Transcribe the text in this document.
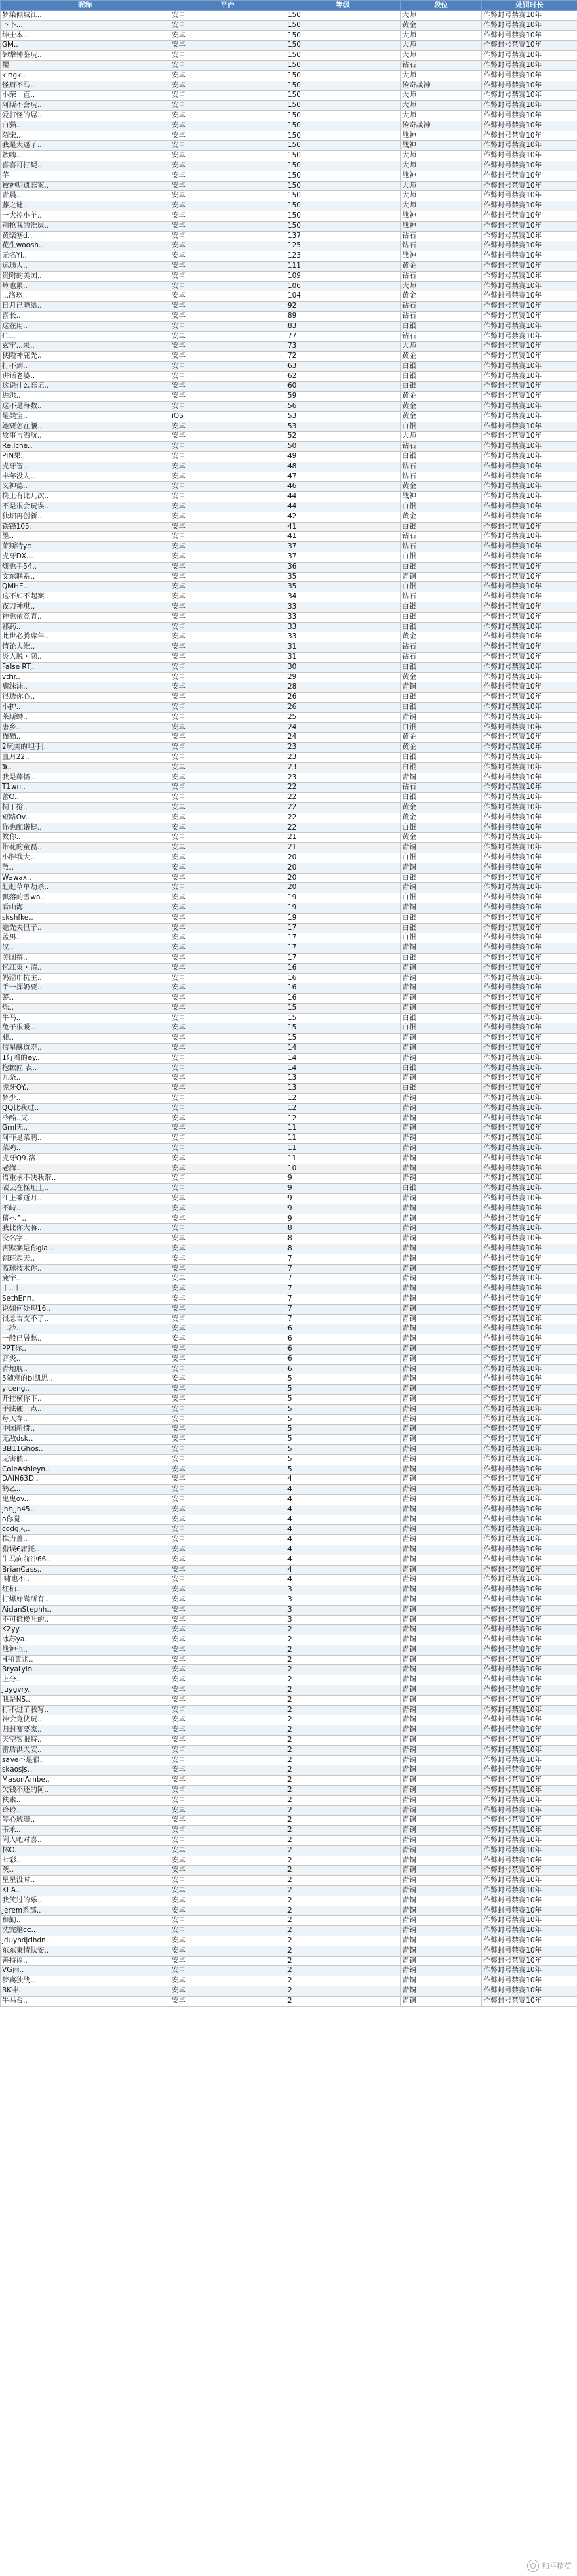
昵称	平台	等级	段位	处罚时长
梦染倾城江..	安卓	150	大师	作弊封号禁赛10年
卜卜...	安卓	150	黄金	作弊封号禁赛10年
绅士本..	安卓	150	大师	作弊封号禁赛10年
GM..	安卓	150	大师	作弊封号禁赛10年
御撃钟鉴玩..	安卓	150	大师	作弊封号禁赛10年
樱	安卓	150	钻石	作弊封号禁赛10年
kingk..	安卓	150	大师	作弊封号禁赛10年
怪眉不马..	安卓	150	传奇战神	作弊封号禁赛10年
小荣一直..	安卓	150	大师	作弊封号禁赛10年
阿斯不会玩..	安卓	150	大师	作弊封号禁赛10年
爱打怪的屌..	安卓	150	大师	作弊封号禁赛10年
白猫..	安卓	150	传奇战神	作弊封号禁赛10年
陌宋..	安卓	150	战神	作弊封号禁赛10年
我是大逼子..	安卓	150	战神	作弊封号禁赛10年
嫉嗨..	安卓	150	大师	作弊封号禁赛10年
喜喜哥打疑..	安卓	150	大师	作弊封号禁赛10年
芋	安卓	150	战神	作弊封号禁赛10年
被神明遗忘案..	安卓	150	大师	作弊封号禁赛10年
青晨..	安卓	150	大师	作弊封号禁赛10年
藤之谜..	安卓	150	大师	作弊封号禁赛10年
一犬控小羊..	安卓	150	战神	作弊封号禁赛10年
别抢我的准屎..	安卓	150	战神	作弊封号禁赛10年
黄楽塞d..	安卓	137	钻石	作弊封号禁赛10年
花生woosh..	安卓	125	钻石	作弊封号禁赛10年
无名YI..	安卓	123	战神	作弊封号禁赛10年
运通人..	安卓	111	黄金	作弊封号禁赛10年
贵附的美国..	安卓	109	钻石	作弊封号禁赛10年
岭也累..	安卓	106	大师	作弊封号禁赛10年
...洛玖..	安卓	104	黄金	作弊封号禁赛10年
日月已晓给..	安卓	92	钻石	作弊封号禁赛10年
喜长..	安卓	89	钻石	作弊封号禁赛10年
这在用..	安卓	83	白银	作弊封号禁赛10年
ℂ....	安卓	77	钻石	作弊封号禁赛10年
玄牢...来..	安卓	73	大师	作弊封号禁赛10年
狭隘神鹿先..	安卓	72	黄金	作弊封号禁赛10年
打不到..	安卓	63	白银	作弊封号禁赛10年
讲话老婆..	安卓	62	白银	作弊封号禁赛10年
这说什么忘记..	安卓	60	白银	作弊封号禁赛10年
进洪..	安卓	59	黄金	作弊封号禁赛10年
这不是海数..	安卓	56	黄金	作弊封号禁赛10年
是凳宝..	iOS	53	黄金	作弊封号禁赛10年
她要怎在腰..	安卓	53	白银	作弊封号禁赛10年
故事与酒航..	安卓	52	大师	作弊封号禁赛10年
Re.lche..	安卓	50	钻石	作弊封号禁赛10年
PIN果..	安卓	49	白银	作弊封号禁赛10年
虎牙智..	安卓	48	钻石	作弊封号禁赛10年
丰年没人..	安卓	47	钻石	作弊封号禁赛10年
义神德..	安卓	46	黄金	作弊封号禁赛10年
携上有比几次..	安卓	44	战神	作弊封号禁赛10年
不是很会玩误..	安卓	44	白银	作弊封号禁赛10年
独堀再创新..	安卓	42	黄金	作弊封号禁赛10年
铁锋105..	安卓	41	白银	作弊封号禁赛10年
墨..	安卓	41	钻石	作弊封号禁赛10年
莱斯特yd..	安卓	37	钻石	作弊封号禁赛10年
虎牙DX...	安卓	37	白银	作弊封号禁赛10年
烦也手54..	安卓	36	白银	作弊封号禁赛10年
文东联系..	安卓	35	青铜	作弊封号禁赛10年
QMHE..	安卓	35	白银	作弊封号禁赛10年
这不如不起案..	安卓	34	钻石	作弊封号禁赛10年
夜刀神琪..	安卓	33	白银	作弊封号禁赛10年
神也依竞青..	安卓	33	白银	作弊封号禁赛10年
祁药..	安卓	33	白银	作弊封号禁赛10年
此世必腾席年..	安卓	33	黄金	作弊封号禁赛10年
情论大维..	安卓	31	钻石	作弊封号禁赛10年
炎人脱・颜..	安卓	31	钻石	作弊封号禁赛10年
False RT..	安卓	30	白银	作弊封号禁赛10年
vthr..	安卓	29	黄金	作弊封号禁赛10年
瘸沫沫..	安卓	28	青铜	作弊封号禁赛10年
很透你心..	安卓	26	白银	作弊封号禁赛10年
小护..	安卓	26	白银	作弊封号禁赛10年
莱斯蚴..	安卓	25	青铜	作弊封号禁赛10年
唐乡..	安卓	24	白银	作弊封号禁赛10年
猫猫..	安卓	24	黄金	作弊封号禁赛10年
2玩美的坦手J..	安卓	23	黄金	作弊封号禁赛10年
血月22..	安卓	23	白银	作弊封号禁赛10年
ↇ..	安卓	23	白银	作弊封号禁赛10年
我是藤懦..	安卓	23	青铜	作弊封号禁赛10年
T1wn..	安卓	22	钻石	作弊封号禁赛10年
蕾O..	安卓	22	白银	作弊封号禁赛10年
桐丁抢..	安卓	22	黄金	作弊封号禁赛10年
短路Ov..	安卓	22	黄金	作弊封号禁赛10年
你也配诺健..	安卓	22	白银	作弊封号禁赛10年
攸你..	安卓	21	黄金	作弊封号禁赛10年
带花的童磊..	安卓	21	青铜	作弊封号禁赛10年
小胖我大..	安卓	20	白银	作弊封号禁赛10年
散..	安卓	20	青铜	作弊封号禁赛10年
Wawax..	安卓	20	白银	作弊封号禁赛10年
赶赶草单劫杀..	安卓	20	青铜	作弊封号禁赛10年
飘落的雪wo..	安卓	19	白银	作弊封号禁赛10年
看山海	安卓	19	青铜	作弊封号禁赛10年
skshfke..	安卓	19	白银	作弊封号禁赛10年
她先失但子..	安卓	17	白银	作弊封号禁赛10年
孟男..	安卓	17	白银	作弊封号禁赛10年
汉..	安卓	17	青铜	作弊封号禁赛10年
美团撰..	安卓	17	白银	作弊封号禁赛10年
忆江東・清..	安卓	16	青铜	作弊封号禁赛10年
妈湿巾抗主..	安卓	16	青铜	作弊封号禁赛10年
手一挥奶要..	安卓	16	青铜	作弊封号禁赛10年
警..	安卓	16	青铜	作弊封号禁赛10年
烁..	安卓	15	青铜	作弊封号禁赛10年
牛马..	安卓	15	白银	作弊封号禁赛10年
兔子很暖..	安卓	15	白银	作弊封号禁赛10年
昶..	安卓	15	青铜	作弊封号禁赛10年
信星酥道寿..	安卓	14	青铜	作弊封号禁赛10年
1好看的ey..	安卓	14	青铜	作弊封号禁赛10年
抱歉匠'表..	安卓	14	白银	作弊封号禁赛10年
九条..	安卓	13	青铜	作弊封号禁赛10年
虎牙OY..	安卓	13	白银	作弊封号禁赛10年
梦少..	安卓	12	青铜	作弊封号禁赛10年
QQ比我过..	安卓	12	青铜	作弊封号禁赛10年
冷酷..灭..	安卓	12	青铜	作弊封号禁赛10年
Gml无..	安卓	11	青铜	作弊封号禁赛10年
阿菲是菜鸭..	安卓	11	青铜	作弊封号禁赛10年
菜鸡..	安卓	11	青铜	作弊封号禁赛10年
虎牙Q9.洛..	安卓	11	青铜	作弊封号禁赛10年
老海..	安卓	10	青铜	作弊封号禁赛10年
语重承不决我带..	安卓	9	青铜	作弊封号禁赛10年
碳云在怪址上..	安卓	9	白银	作弊封号禁赛10年
江上乘逝月..	安卓	9	青铜	作弊封号禁赛10年
不峙..	安卓	9	青铜	作弊封号禁赛10年
猪ヘ^..	安卓	9	青铜	作弊封号禁赛10年
我比你大蒋..	安卓	8	青铜	作弊封号禁赛10年
没名字..	安卓	8	青铜	作弊封号禁赛10年
害默案是你gia..	安卓	8	青铜	作弊封号禁赛10年
钢玨起天..	安卓	7	青铜	作弊封号禁赛10年
篮球技术你..	安卓	7	青铜	作弊封号禁赛10年
鹿宇..	安卓	7	青铜	作弊封号禁赛10年
丨..丨..	安卓	7	青铜	作弊封号禁赛10年
SethEnn..	安卓	7	青铜	作弊封号禁赛10年
说如何处理16..	安卓	7	青铜	作弊封号禁赛10年
很念吉支不了..	安卓	7	青铜	作弊封号禁赛10年
二冷..	安卓	6	青铜	作弊封号禁赛10年
一般已居愁..	安卓	6	青铜	作弊封号禁赛10年
PPT你..	安卓	6	青铜	作弊封号禁赛10年
容炎..	安卓	6	青铜	作弊封号禁赛10年
青地舰..	安卓	6	青铜	作弊封号禁赛10年
5随意的bi凯思..	安卓	5	青铜	作弊封号禁赛10年
yiceng...	安卓	5	青铜	作弊封号禁赛10年
开挂横你下..	安卓	5	青铜	作弊封号禁赛10年
手法硬一点..	安卓	5	青铜	作弊封号禁赛10年
每天存..	安卓	5	青铜	作弊封号禁赛10年
中国新惯..	安卓	5	青铜	作弊封号禁赛10年
无敌dsk..	安卓	5	青铜	作弊封号禁赛10年
BB11Ghos..	安卓	5	青铜	作弊封号禁赛10年
无害骸..	安卓	5	青铜	作弊封号禁赛10年
ColeAshleyn..	安卓	5	青铜	作弊封号禁赛10年
DAIN63D..	安卓	4	青铜	作弊封号禁赛10年
鹤乙..	安卓	4	青铜	作弊封号禁赛10年
鬼鬼ov..	安卓	4	青铜	作弊封号禁赛10年
jhhjjh45..	安卓	4	青铜	作弊封号禁赛10年
o你觉..	安卓	4	青铜	作弊封号禁赛10年
ccdg人..	安卓	4	青铜	作弊封号禁赛10年
推力盖..	安卓	4	青铜	作弊封号禁赛10年
猎误€庸托..	安卓	4	青铜	作弊封号禁赛10年
牛马向前冲66..	安卓	4	青铜	作弊封号禁赛10年
BrianCass..	安卓	4	青铜	作弊封号禁赛10年
i啸也不..	安卓	4	青铜	作弊封号禁赛10年
红柚..	安卓	3	青铜	作弊封号禁赛10年
打爆好嵩所有..	安卓	3	青铜	作弊封号禁赛10年
AidanStephh..	安卓	3	青铜	作弊封号禁赛10年
不可撒楼吐的..	安卓	3	青铜	作弊封号禁赛10年
K2yy..	安卓	2	青铜	作弊封号禁赛10年
冰苏ya..	安卓	2	青铜	作弊封号禁赛10年
战神也..	安卓	2	青铜	作弊封号禁赛10年
H和黄兆..	安卓	2	青铜	作弊封号禁赛10年
BryaLylo..	安卓	2	青铜	作弊封号禁赛10年
上分..	安卓	2	青铜	作弊封号禁赛10年
Juygvry..	安卓	2	青铜	作弊封号禁赛10年
我是NS..	安卓	2	青铜	作弊封号禁赛10年
打不过了我写..	安卓	2	青铜	作弊封号禁赛10年
神会竟侠玩..	安卓	2	青铜	作弊封号禁赛10年
归封赛要家..	安卓	2	青铜	作弊封号禁赛10年
天空客服特..	安卓	2	青铜	作弊封号禁赛10年
雷盾洪夫安..	安卓	2	青铜	作弊封号禁赛10年
save不是很..	安卓	2	青铜	作弊封号禁赛10年
skaosjs..	安卓	2	青铜	作弊封号禁赛10年
MasonAmbe..	安卓	2	青铜	作弊封号禁赛10年
欠钱不还的阿..	安卓	2	青铜	作弊封号禁赛10年
秩素..	安卓	2	青铜	作弊封号禁赛10年
玲玲..	安卓	2	青铜	作弊封号禁赛10年
琴心琥珊..	安卓	2	青铜	作弊封号禁赛10年
韦永..	安卓	2	青铜	作弊封号禁赛10年
俐人吧对喜..	安卓	2	青铜	作弊封号禁赛10年
林O..	安卓	2	青铜	作弊封号禁赛10年
七彩..	安卓	2	青铜	作弊封号禁赛10年
茨..	安卓	2	青铜	作弊封号禁赛10年
星星没时..	安卓	2	青铜	作弊封号禁赛10年
KLA..	安卓	2	青铜	作弊封号禁赛10年
我笑过的乐..	安卓	2	青铜	作弊封号禁赛10年
Jerem系那..	安卓	2	青铜	作弊封号禁赛10年
和勤..	安卓	2	青铜	作弊封号禁赛10年
洗完脑cc..	安卓	2	青铜	作弊封号禁赛10年
jduyhdjdhdn..	安卓	2	青铜	作弊封号禁赛10年
东东東情扶安..	安卓	2	青铜	作弊封号禁赛10年
善持诊..	安卓	2	青铜	作弊封号禁赛10年
VG雨..	安卓	2	青铜	作弊封号禁赛10年
梦离独战..	安卓	2	青铜	作弊封号禁赛10年
BK丰..	安卓	2	青铜	作弊封号禁赛10年
牛马台..	安卓	2	青铜	作弊封号禁赛10年
和平精英
